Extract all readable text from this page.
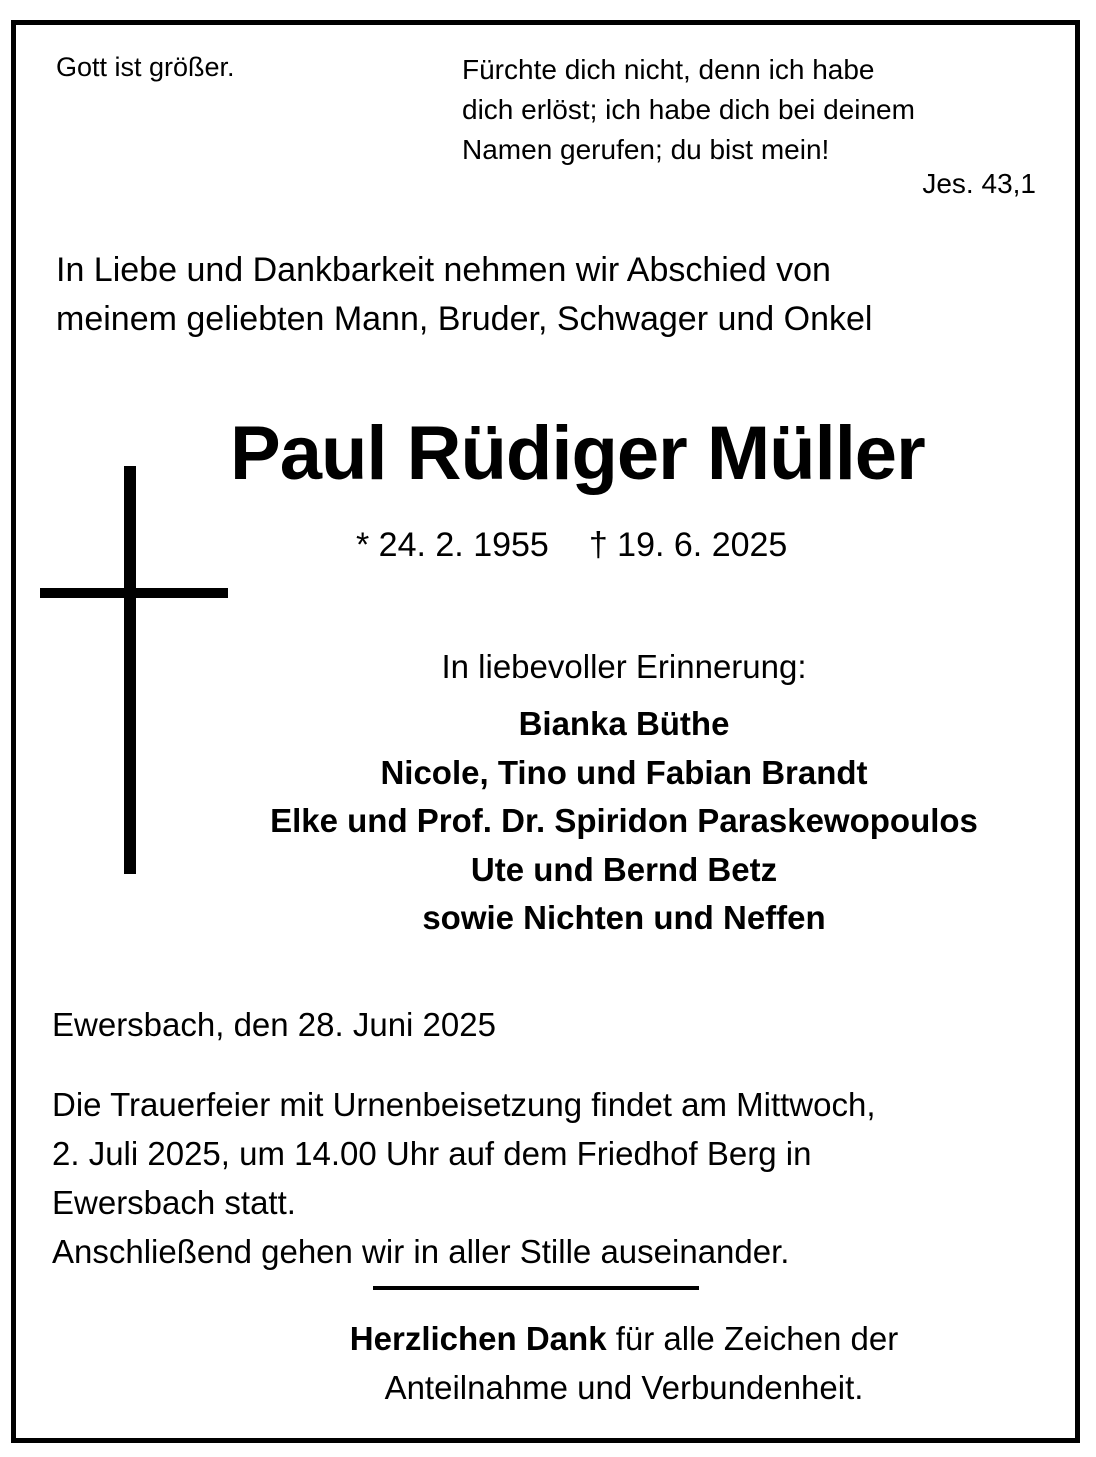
Gott ist größer.	Fürchte dich nicht, denn ich habe
dich erlöst; ich habe dich bei deinem
Namen gerufen; du bist mein!
Jes. 43,1
In Liebe und Dankbarkeit nehmen wir Abschied von
meinem geliebten Mann, Bruder, Schwager und Onkel
Paul Rüdiger Müller
* 24. 2. 1955 † 19. 6. 2025
In liebevoller Erinnerung:
Bianka Büthe
Nicole, Tino und Fabian Brandt
Elke und Prof. Dr. Spiridon Paraskewopoulos
Ute und Bernd Betz
sowie Nichten und Neffen
Ewersbach, den 28. Juni 2025
Die Trauerfeier mit Urnenbeisetzung findet am Mittwoch,
2. Juli 2025, um 14.00 Uhr auf dem Friedhof Berg in
Ewersbach statt.
Anschließend gehen wir in aller Stille auseinander.
Herzlichen Dank für alle Zeichen der
Anteilnahme und Verbundenheit.
